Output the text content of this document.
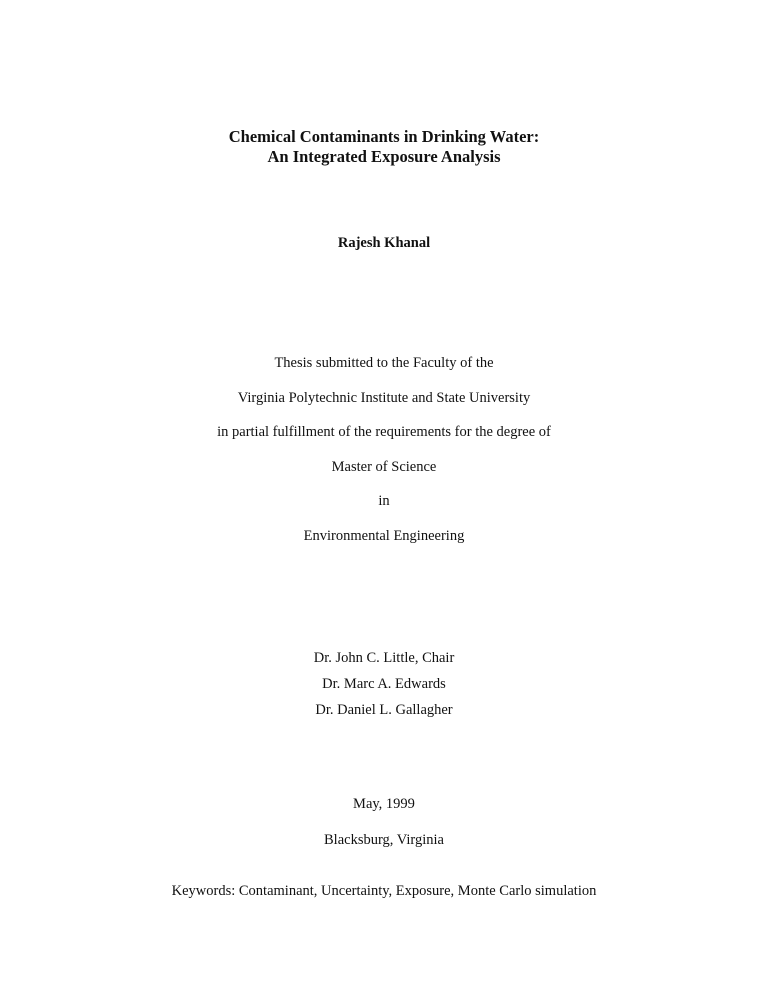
Chemical Contaminants in Drinking Water:
An Integrated Exposure Analysis
Rajesh Khanal
Thesis submitted to the Faculty of the
Virginia Polytechnic Institute and State University
in partial fulfillment of the requirements for the degree of
Master of Science
in
Environmental Engineering
Dr. John C. Little, Chair
Dr. Marc A. Edwards
Dr. Daniel L. Gallagher
May, 1999
Blacksburg, Virginia
Keywords: Contaminant, Uncertainty, Exposure, Monte Carlo simulation
